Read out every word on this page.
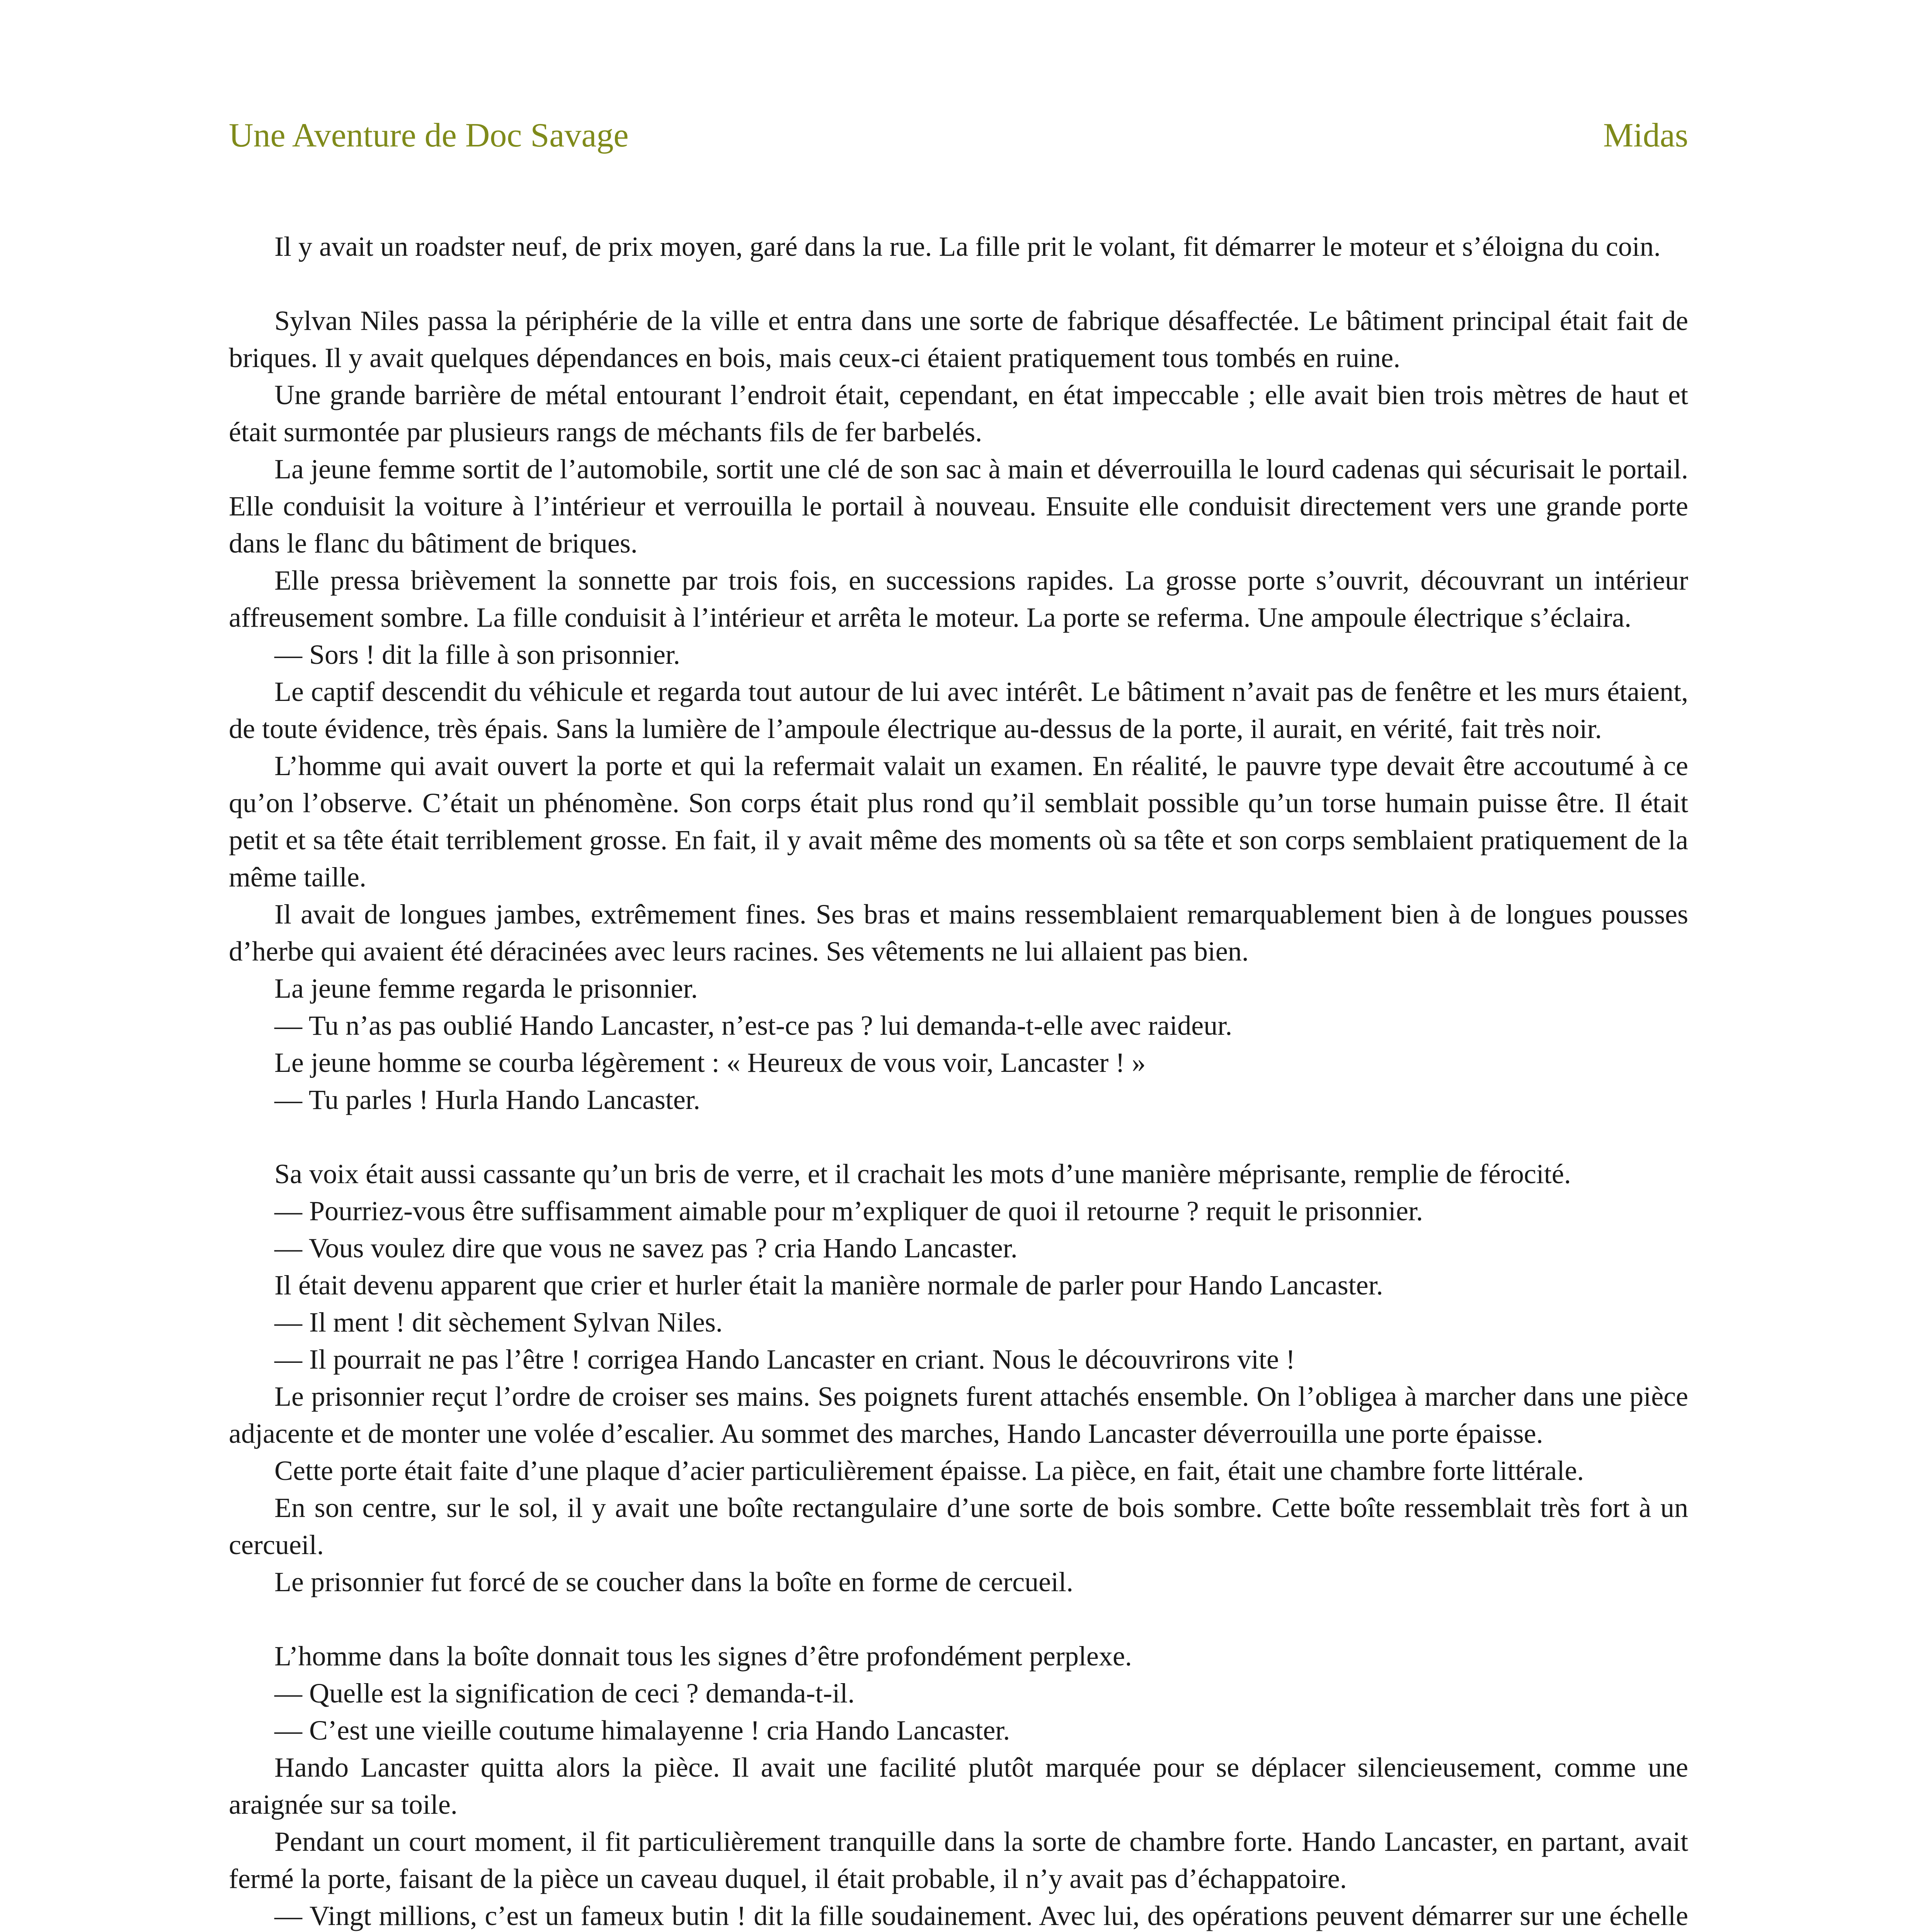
Une Aventure de Doc Savage	Midas

Il y avait un roadster neuf, de prix moyen, garé dans la rue. La fille prit le volant, fit démarrer le moteur et s’éloigna du coin.

Sylvan Niles passa la périphérie de la ville et entra dans une sorte de fabrique désaffectée. Le bâtiment principal était fait de briques. Il y avait quelques dépendances en bois, mais ceux-ci étaient pratiquement tous tombés en ruine.

Une grande barrière de métal entourant l’endroit était, cependant, en état impeccable ; elle avait bien trois mètres de haut et était surmontée par plusieurs rangs de méchants fils de fer barbelés.

La jeune femme sortit de l’automobile, sortit une clé de son sac à main et déverrouilla le lourd cadenas qui sécurisait le portail. Elle conduisit la voiture à l’intérieur et verrouilla le portail à nouveau. Ensuite elle conduisit directement vers une grande porte dans le flanc du bâtiment de briques.

Elle pressa brièvement la sonnette par trois fois, en successions rapides. La grosse porte s’ouvrit, découvrant un intérieur affreusement sombre. La fille conduisit à l’intérieur et arrêta le moteur. La porte se referma. Une ampoule électrique s’éclaira.

— Sors ! dit la fille à son prisonnier.

Le captif descendit du véhicule et regarda tout autour de lui avec intérêt. Le bâtiment n’avait pas de fenêtre et les murs étaient, de toute évidence, très épais. Sans la lumière de l’ampoule électrique au-dessus de la porte, il aurait, en vérité, fait très noir.

L’homme qui avait ouvert la porte et qui la refermait valait un examen. En réalité, le pauvre type devait être accoutumé à ce qu’on l’observe. C’était un phénomène. Son corps était plus rond qu’il semblait possible qu’un torse humain puisse être. Il était petit et sa tête était terriblement grosse. En fait, il y avait même des moments où sa tête et son corps semblaient pratiquement de la même taille.

Il avait de longues jambes, extrêmement fines. Ses bras et mains ressemblaient remarquablement bien à de longues pousses d’herbe qui avaient été déracinées avec leurs racines. Ses vêtements ne lui allaient pas bien.

La jeune femme regarda le prisonnier.

— Tu n’as pas oublié Hando Lancaster, n’est-ce pas ? lui demanda-t-elle avec raideur.

Le jeune homme se courba légèrement : « Heureux de vous voir, Lancaster ! »

— Tu parles ! Hurla Hando Lancaster.

Sa voix était aussi cassante qu’un bris de verre, et il crachait les mots d’une manière méprisante, remplie de férocité.

— Pourriez-vous être suffisamment aimable pour m’expliquer de quoi il retourne ? requit le prisonnier.

— Vous voulez dire que vous ne savez pas ? cria Hando Lancaster.

Il était devenu apparent que crier et hurler était la manière normale de parler pour Hando Lancaster.

— Il ment ! dit sèchement Sylvan Niles.

— Il pourrait ne pas l’être ! corrigea Hando Lancaster en criant. Nous le découvrirons vite !

Le prisonnier reçut l’ordre de croiser ses mains. Ses poignets furent attachés ensemble. On l’obligea à marcher dans une pièce adjacente et de monter une volée d’escalier. Au sommet des marches, Hando Lancaster déverrouilla une porte épaisse.

Cette porte était faite d’une plaque d’acier particulièrement épaisse. La pièce, en fait, était une chambre forte littérale.

En son centre, sur le sol, il y avait une boîte rectangulaire d’une sorte de bois sombre. Cette boîte ressemblait très fort à un cercueil.

Le prisonnier fut forcé de se coucher dans la boîte en forme de cercueil.

L’homme dans la boîte donnait tous les signes d’être profondément perplexe.

— Quelle est la signification de ceci ? demanda-t-il.

— C’est une vieille coutume himalayenne ! cria Hando Lancaster.

Hando Lancaster quitta alors la pièce. Il avait une facilité plutôt marquée pour se déplacer silencieusement, comme une araignée sur sa toile.

Pendant un court moment, il fit particulièrement tranquille dans la sorte de chambre forte. Hando Lancaster, en partant, avait fermé la porte, faisant de la pièce un caveau duquel, il était probable, il n’y avait pas d’échappatoire.

— Vingt millions, c’est un fameux butin ! dit la fille soudainement. Avec lui, des opérations peuvent démarrer sur une échelle
